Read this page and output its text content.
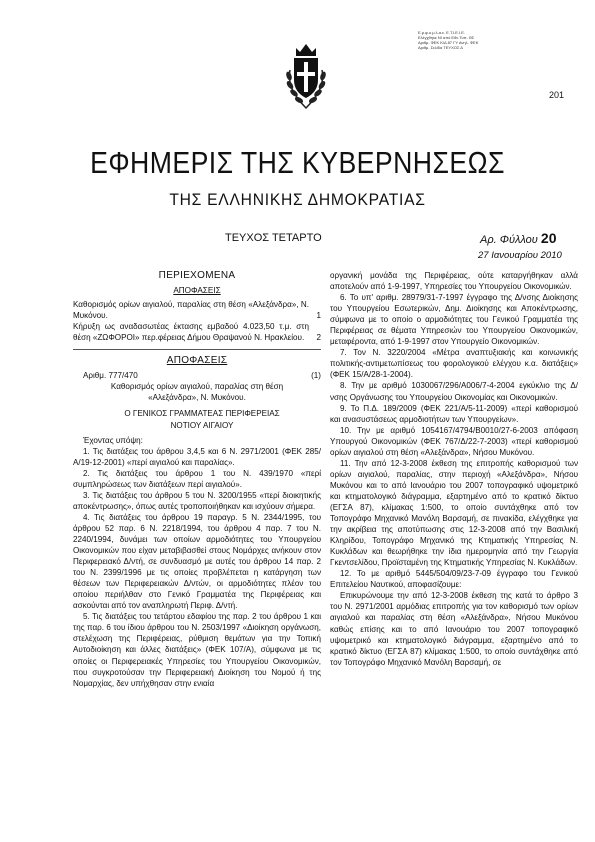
Ε.ρ.φ.ο.μ.λ.α.ε. Ε.Τ.Ι.Ε.Ι.Ε. Ελέγχθηκε ΝΙ από Εθν.Τυπ. ΘΣ Αριθμ. ΦΕΚ Κ/Δ 87 ΓΥ Ανηλ. ΦΕΚ Αριθμ. Σελίδα ΤΕΥΧΟΣ Δ
201
ΕΦΗΜΕΡΙΣ ΤΗΣ ΚΥΒΕΡΝΗΣΕΩΣ
ΤΗΣ ΕΛΛΗΝΙΚΗΣ ΔΗΜΟΚΡΑΤΙΑΣ
ΤΕΥΧΟΣ ΤΕΤΑΡΤΟ	Αρ. Φύλλου 20
27 Ιανουαρίου 2010
ΠΕΡΙΕΧΟΜΕΝΑ
ΑΠΟΦΑΣΕΙΣ
Καθορισμός ορίων αιγιαλού, παραλίας στη θέση «Αλεξάνδρα», Ν. Μυκόνου.	1
Κήρυξη ως αναδασωτέας έκτασης εμβαδού 4.023,50 τ.μ. στη θέση «ΖΩΦΟΡΟΙ» περ.φέρειας Δήμου Θραψανού Ν. Ηρακλείου.	2
ΑΠΟΦΑΣΕΙΣ

Αριθμ. 777/470	(1)

Καθορισμός ορίων αιγιαλού, παραλίας στη θέση «Αλεξάνδρα», Ν. Μυκόνου.

Ο ΓΕΝΙΚΟΣ ΓΡΑΜΜΑΤΕΑΣ ΠΕΡΙΦΕΡΕΙΑΣ

ΝΟΤΙΟΥ ΑΙΓΑΙΟΥ

Έχοντας υπόψη:

1. Τις διατάξεις του άρθρου 3,4,5 και 6 Ν. 2971/2001 (ΦΕΚ 285/Α/19-12-2001) «περί αιγιαλού και παραλίας».

2. Τις διατάξεις του άρθρου 1 του Ν. 439/1970 «περί συμπληρώσεως των διατάξεων περί αιγιαλού».

3. Τις διατάξεις του άρθρου 5 του Ν. 3200/1955 «περί διοικητικής αποκέντρωσης», όπως αυτές τροποποιήθηκαν και ισχύουν σήμερα.

4. Τις διατάξεις του άρθρου 19 παραγρ. 5 Ν. 2344/1995, του άρθρου 52 παρ. 6 Ν. 2218/1994, του άρθρου 4 παρ. 7 του Ν. 2240/1994, δυνάμει των οποίων αρμοδιότητες του Υπουργείου Οικονομικών που είχαν μεταβιβασθεί στους Νομάρχες ανήκουν στον Περιφερειακό Δ/ντή, σε συνδυασμό με αυτές του άρθρου 14 παρ. 2 του Ν. 2399/1996 με τις οποίες προβλέπεται η κατάργηση των θέσεων των Περιφερειακών Δ/ντών, οι αρμοδιότητες πλέον του οποίου περιήλθαν στο Γενικό Γραμματέα της Περιφέρειας και ασκούνται από τον αναπληρωτή Περιφ. Δ/ντή.

5. Τις διατάξεις του τετάρτου εδαφίου της παρ. 2 του άρθρου 1 και της παρ. 6 του ίδιου άρθρου του Ν. 2503/1997 «Διοίκηση οργάνωση, στελέχωση της Περιφέρειας, ρύθμιση θεμάτων για την Τοπική Αυτοδιοίκηση και άλλες διατάξεις» (ΦΕΚ 107/Α), σύμφωνα με τις οποίες οι Περιφερειακές Υπηρεσίες του Υπουργείου Οικονομικών, που συγκροτούσαν την Περιφερειακή Διοίκηση του Νομού ή της Νομαρχίας, δεν υπήχθησαν στην ενιαία

οργανική μονάδα της Περιφέρειας, ούτε καταργήθηκαν αλλά αποτελούν από 1-9-1997, Υπηρεσίες του Υπουργείου Οικονομικών.

6. Το υπ' αριθμ. 28979/31-7-1997 έγγραφο της Δ/νσης Διοίκησης του Υπουργείου Εσωτερικών, Δημ. Διοίκησης και Αποκέντρωσης, σύμφωνα με το οποίο ο αρμοδιότητες του Γενικού Γραμματέα της Περιφέρειας σε θέματα Υπηρεσιών του Υπουργείου Οικονομικών, μεταφέροντα, από 1-9-1997 στον Υπουργείο Οικονομικών.

7. Τον Ν. 3220/2004 «Μέτρα αναπτυξιακής και κοινωνικής πολιτικής-αντιμετωπίσεως του φορολογικού ελέγχου κ.α. διατάξεις» (ΦΕΚ 15/Α/28-1-2004).

8. Την με αριθμό 1030067/296/Α006/7-4-2004 εγκύκλιο της Δ/νσης Οργάνωσης του Υπουργείου Οικονομίας και Οικονομικών.

9. Το Π.Δ. 189/2009 (ΦΕΚ 221/Α/5-11-2009) «περί καθορισμού και ανασυστάσεως αρμοδιοτήτων των Υπουργείων».

10. Την με αριθμό 1054167/4794/Β0010/27-6-2003 απόφαση Υπουργού Οικονομικών (ΦΕΚ 767/Δ/22-7-2003) «περί καθορισμού ορίων αιγιαλού στη θέση «Αλεξάνδρα», Νήσου Μυκόνου.

11. Την από 12-3-2008 έκθεση της επιτροπής καθορισμού των ορίων αιγιαλού, παραλίας, στην περιοχή «Αλεξάνδρα», Νήσου Μυκόνου και το από Ιανουάριο του 2007 τοπογραφικό υψομετρικό και κτηματολογικό διάγραμμα, εξαρτημένο από το κρατικό δίκτυο (ΕΓΣΑ 87), κλίμακας 1:500, το οποίο συντάχθηκε από τον Τοπογράφο Μηχανικό Μανόλη Βαρσαμή, σε πινακίδα, ελέγχθηκε για την ακρίβεια της αποτύπωσης στις 12-3-2008 από την Βασιλική Κληρίδου, Τοπογράφο Μηχανικό της Κτηματικής Υπηρεσίας Ν. Κυκλάδων και θεωρήθηκε την ίδια ημερομηνία από την Γεωργία Γκεντσελίδου, Προϊσταμένη της Κτηματικής Υπηρεσίας Ν. Κυκλάδων.

12. Το με αριθμό 5445/504/09/23-7-09 έγγραφο του Γενικού Επιτελείου Ναυτικού, αποφασίζουμε:

Επικυρώνουμε την από 12-3-2008 έκθεση της κατά το άρθρο 3 του Ν. 2971/2001 αρμόδιας επιτροπής για τον καθορισμό των ορίων αιγιαλού και παραλίας στη θέση «Αλεξάνδρα», Νήσου Μυκόνου καθώς επίσης και το από Ιανουάριο του 2007 τοπογραφικό υψομετρικό και κτηματολογικό διάγραμμα, εξαρτημένο από το κρατικό δίκτυο (ΕΓΣΑ 87) κλίμακας 1:500, το οποίο συντάχθηκε από τον Τοπογράφο Μηχανικό Μανόλη Βαρσαμή, σε
